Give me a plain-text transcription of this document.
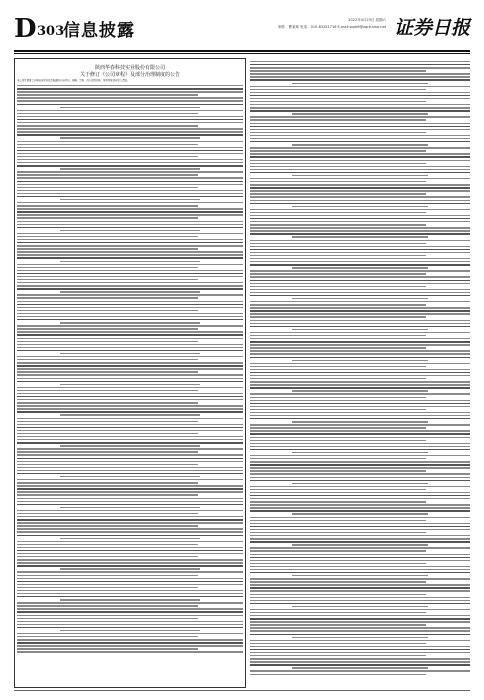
D 303
信息披露
2022年4月23日 星期六
制作：曹秉琛 电话：010-83251716 E-mail:zqrb9@zqrb.sina.net 证券日报
陕西华春科技实业股份有限公司
关于修订《公司章程》及部分治理制度的公告
本公司及董事会全体成员保证信息披露的内容真实、准确、完整，没有虚假记载、误导性陈述或重大遗漏。
